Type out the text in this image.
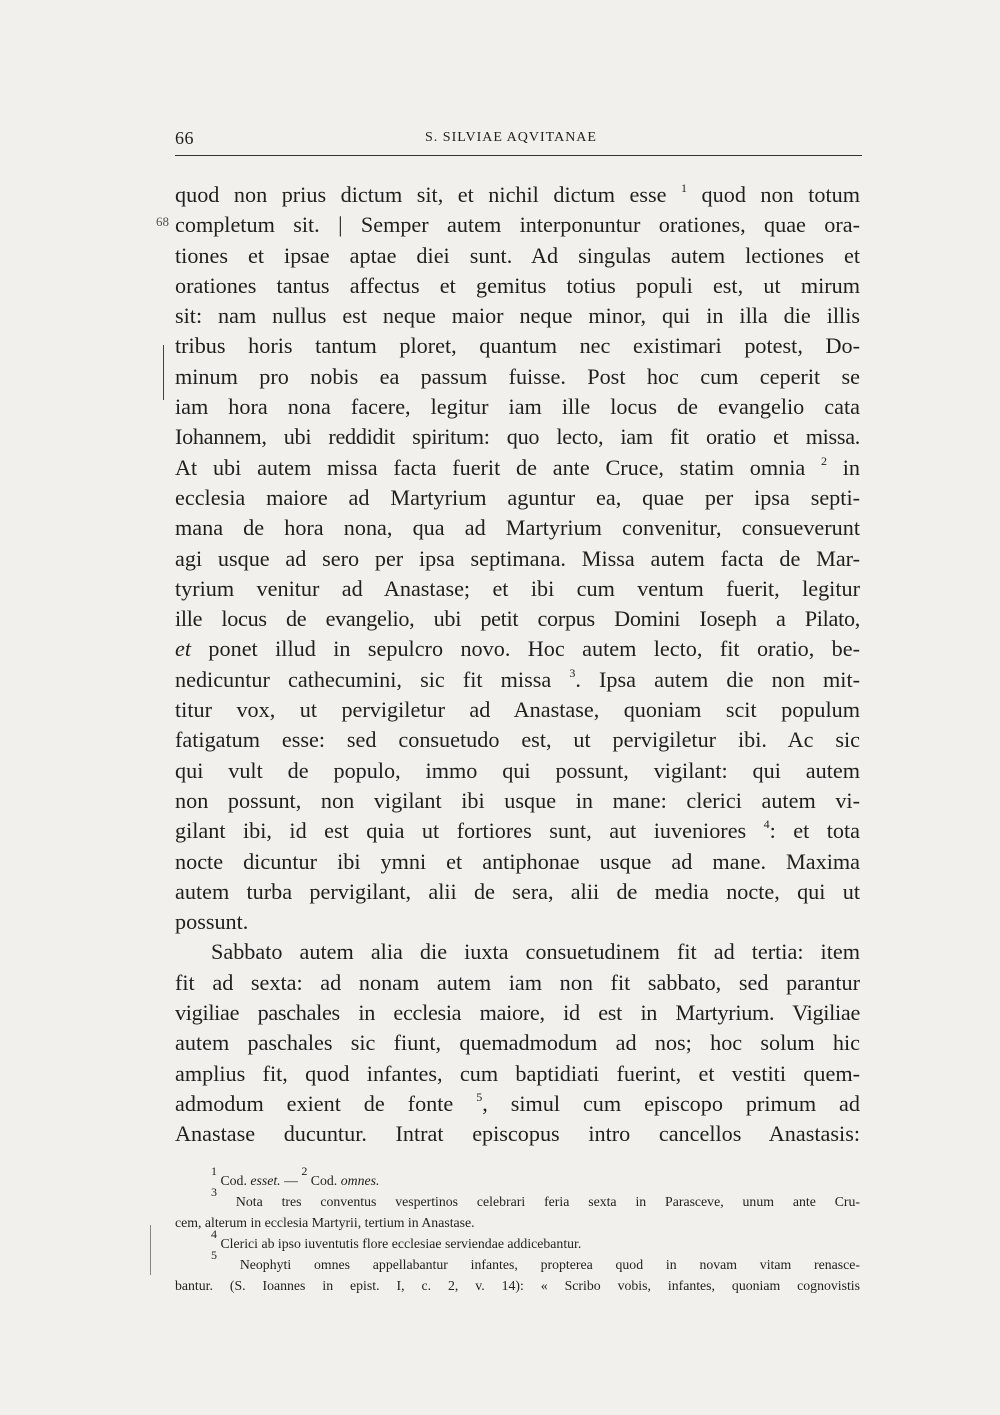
66	S. SILVIAE AQVITANAE
68
quod non prius dictum sit, et nichil dictum esse $^1$ quod non totum
completum sit. | Semper autem interponuntur orationes, quae ora-
tiones et ipsae aptae diei sunt. Ad singulas autem lectiones et
orationes tantus affectus et gemitus totius populi est, ut mirum
sit: nam nullus est neque maior neque minor, qui in illa die illis
tribus horis tantum ploret, quantum nec existimari potest, Do-
minum pro nobis ea passum fuisse. Post hoc cum ceperit se
iam hora nona facere, legitur iam ille locus de evangelio cata
Iohannem, ubi reddidit spiritum: quo lecto, iam fit oratio et missa.
At ubi autem missa facta fuerit de ante Cruce, statim omnia $^2$ in
ecclesia maiore ad Martyrium aguntur ea, quae per ipsa septi-
mana de hora nona, qua ad Martyrium convenitur, consueverunt
agi usque ad sero per ipsa septimana. Missa autem facta de Mar-
tyrium venitur ad Anastase; et ibi cum ventum fuerit, legitur
ille locus de evangelio, ubi petit corpus Domini Ioseph a Pilato,
et ponet illud in sepulcro novo. Hoc autem lecto, fit oratio, be-
nedicuntur cathecumini, sic fit missa $^3$. Ipsa autem die non mit-
titur vox, ut pervigiletur ad Anastase, quoniam scit populum
fatigatum esse: sed consuetudo est, ut pervigiletur ibi. Ac sic
qui vult de populo, immo qui possunt, vigilant: qui autem
non possunt, non vigilant ibi usque in mane: clerici autem vi-
gilant ibi, id est quia ut fortiores sunt, aut iuveniores $^4$: et tota
nocte dicuntur ibi ymni et antiphonae usque ad mane. Maxima
autem turba pervigilant, alii de sera, alii de media nocte, qui ut
possunt.
Sabbato autem alia die iuxta consuetudinem fit ad tertia: item
fit ad sexta: ad nonam autem iam non fit sabbato, sed parantur
vigiliae paschales in ecclesia maiore, id est in Martyrium. Vigiliae
autem paschales sic fiunt, quemadmodum ad nos; hoc solum hic
amplius fit, quod infantes, cum baptidiati fuerint, et vestiti quem-
admodum exient de fonte $^5$, simul cum episcopo primum ad
Anastase ducuntur. Intrat episcopus intro cancellos Anastasis:
$^1$ Cod. esset. — $^2$ Cod. omnes.
$^3$ Nota tres conventus vespertinos celebrari feria sexta in Parasceve, unum ante Cru-
cem, alterum in ecclesia Martyrii, tertium in Anastase.
$^4$ Clerici ab ipso iuventutis flore ecclesiae serviendae addicebantur.
$^5$ Neophyti omnes appellabantur infantes, propterea quod in novam vitam renasce-
bantur. (S. Ioannes in epist. I, c. 2, v. 14): « Scribo vobis, infantes, quoniam cognovistis
